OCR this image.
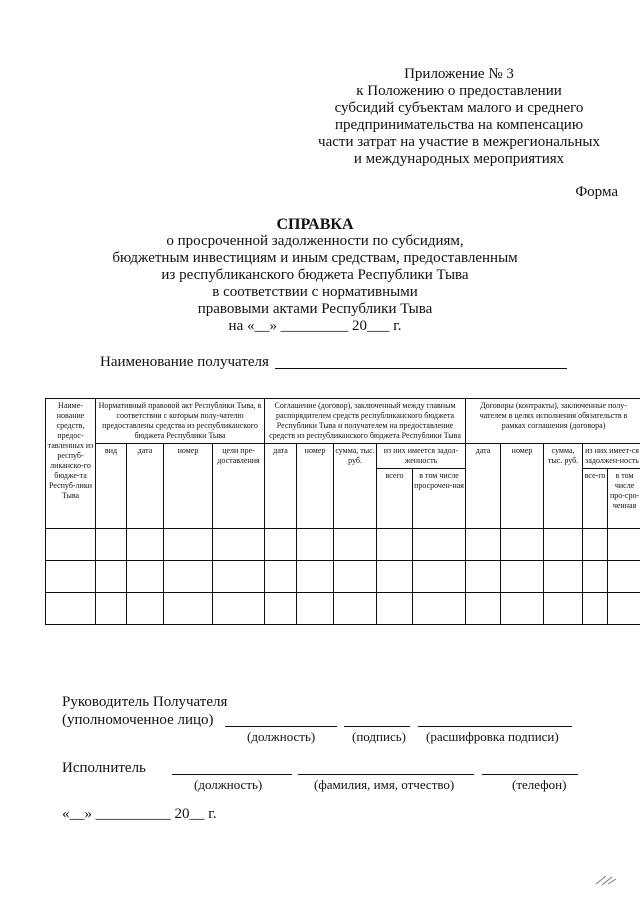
Приложение № 3
к Положению о предоставлении
субсидий субъектам малого и среднего
предпринимательства на компенсацию
части затрат на участие в межрегиональных
и международных мероприятиях
Форма
СПРАВКА
о просроченной задолженности по субсидиям,
бюджетным инвестициям и иным средствам, предоставленным
из республиканского бюджета Республики Тыва
в соответствии с нормативными
правовыми актами Республики Тыва
на «__» _________ 20___ г.
Наименование получателя
Наиме-нование средств, предос-тавленных из респуб-ликанско-го бюдже-та Респуб-лики Тыва	Нормативный правовой акт Республики Тыва, в соответствии с которым полу-чателю предоставлены средства из республиканского бюджета Республики Тыва				Соглашение (договор), заключенный между главным распорядителем средств республиканского бюджета Республики Тыва и получателем на предоставление средств из республиканского бюджета Республики Тыва					Договоры (контракты), заключенные полу-чателем в целях исполнения обязательств в рамках соглашения (договора)				
	вид	дата	номер	цели пре-доставления	дата	номер	сумма, тыс. руб.	из них имеется задол-женность		дата	номер	сумма, тыс. руб.	из них имеет-ся задолжен-ность	
								всего	в том числе просрочен-ная				все-го	в том числе про-сро-ченная

Руководитель Получателя
(уполномоченное лицо)
(должность)	(подпись) (расшифровка подписи)
Исполнитель
(должность)	(фамилия, имя, отчество)	(телефон)
«__» __________ 20__ г.
